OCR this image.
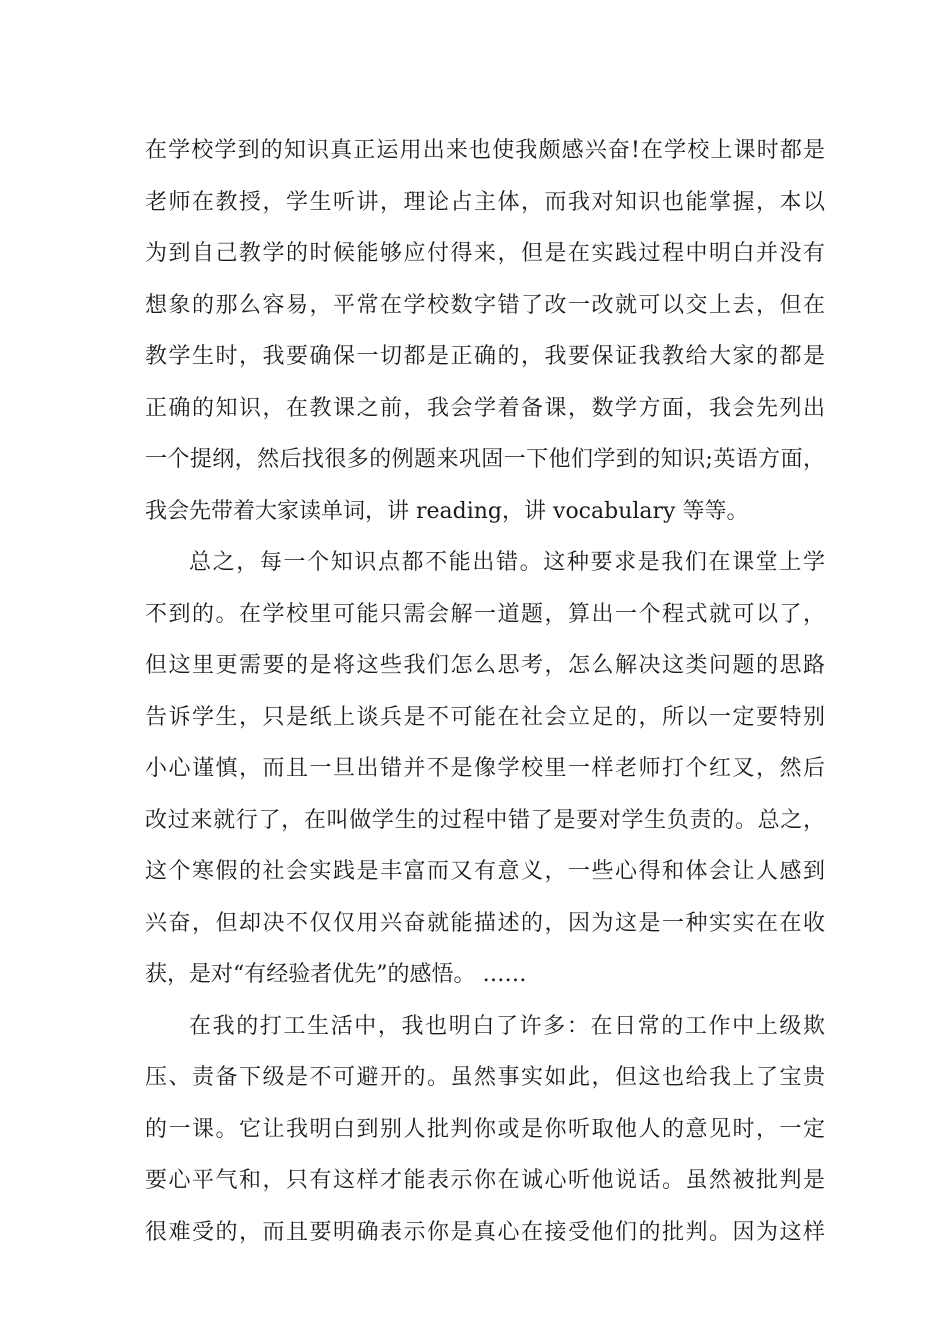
在学校学到的知识真正运用出来也使我颇感兴奋!在学校上课时都是
老师在教授，学生听讲，理论占主体，而我对知识也能掌握，本以
为到自己教学的时候能够应付得来，但是在实践过程中明白并没有
想象的那么容易，平常在学校数字错了改一改就可以交上去，但在
教学生时，我要确保一切都是正确的，我要保证我教给大家的都是
正确的知识，在教课之前，我会学着备课，数学方面，我会先列出
一个提纲，然后找很多的例题来巩固一下他们学到的知识;英语方面，
我会先带着大家读单词，讲 reading，讲 vocabulary 等等。
总之，每一个知识点都不能出错。这种要求是我们在课堂上学
不到的。在学校里可能只需会解一道题，算出一个程式就可以了，
但这里更需要的是将这些我们怎么思考，怎么解决这类问题的思路
告诉学生，只是纸上谈兵是不可能在社会立足的，所以一定要特别
小心谨慎，而且一旦出错并不是像学校里一样老师打个红叉，然后
改过来就行了，在叫做学生的过程中错了是要对学生负责的。总之，
这个寒假的社会实践是丰富而又有意义，一些心得和体会让人感到
兴奋，但却决不仅仅用兴奋就能描述的，因为这是一种实实在在收
获，是对“有经验者优先”的感悟。 ……
在我的打工生活中，我也明白了许多：在日常的工作中上级欺
压、责备下级是不可避开的。虽然事实如此，但这也给我上了宝贵
的一课。它让我明白到别人批判你或是你听取他人的意见时，一定
要心平气和，只有这样才能表示你在诚心听他说话。虽然被批判是
很难受的，而且要明确表示你是真心在接受他们的批判。因为这样
